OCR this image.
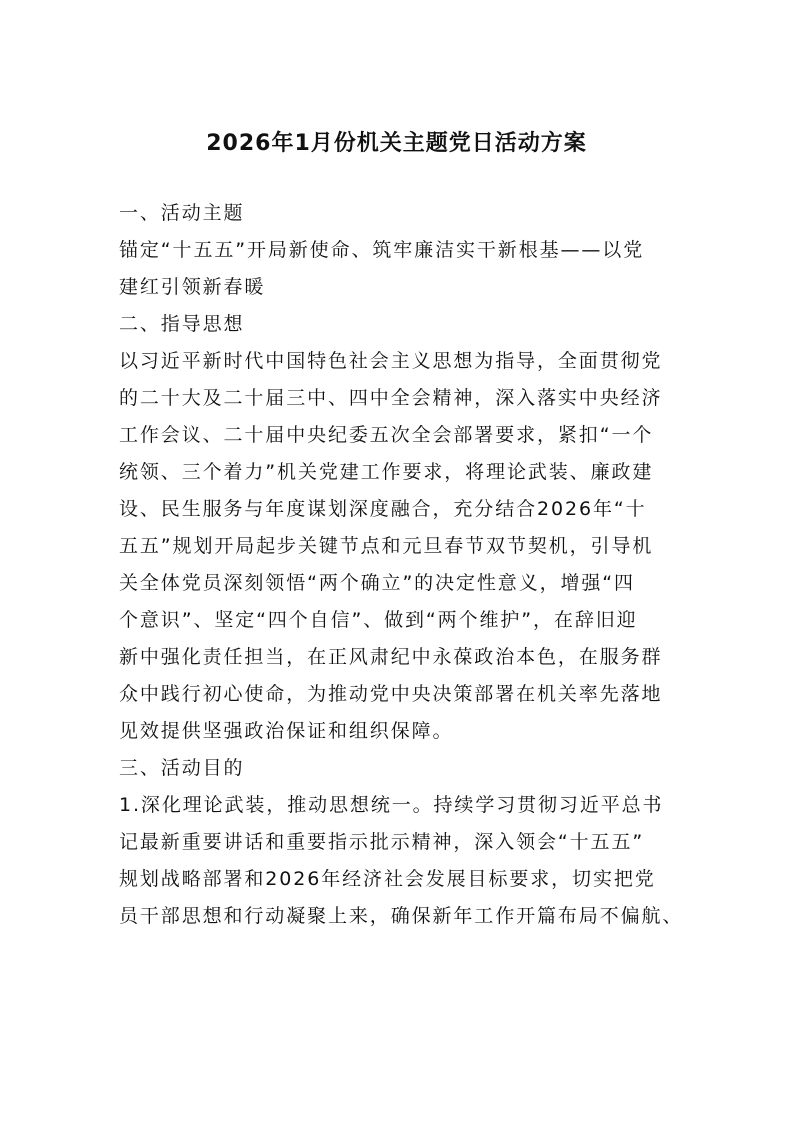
2026年1月份机关主题党日活动方案
一、活动主题
锚定“十五五”开局新使命、筑牢廉洁实干新根基——以党
建红引领新春暖
二、指导思想
以习近平新时代中国特色社会主义思想为指导，全面贯彻党
的二十大及二十届三中、四中全会精神，深入落实中央经济
工作会议、二十届中央纪委五次全会部署要求，紧扣“一个
统领、三个着力”机关党建工作要求，将理论武装、廉政建
设、民生服务与年度谋划深度融合，充分结合2026年“十
五五”规划开局起步关键节点和元旦春节双节契机，引导机
关全体党员深刻领悟“两个确立”的决定性意义，增强“四
个意识”、坚定“四个自信”、做到“两个维护”，在辞旧迎
新中强化责任担当，在正风肃纪中永葆政治本色，在服务群
众中践行初心使命，为推动党中央决策部署在机关率先落地
见效提供坚强政治保证和组织保障。
三、活动目的
1.深化理论武装，推动思想统一。持续学习贯彻习近平总书
记最新重要讲话和重要指示批示精神，深入领会“十五五”
规划战略部署和2026年经济社会发展目标要求，切实把党
员干部思想和行动凝聚上来，确保新年工作开篇布局不偏航、
